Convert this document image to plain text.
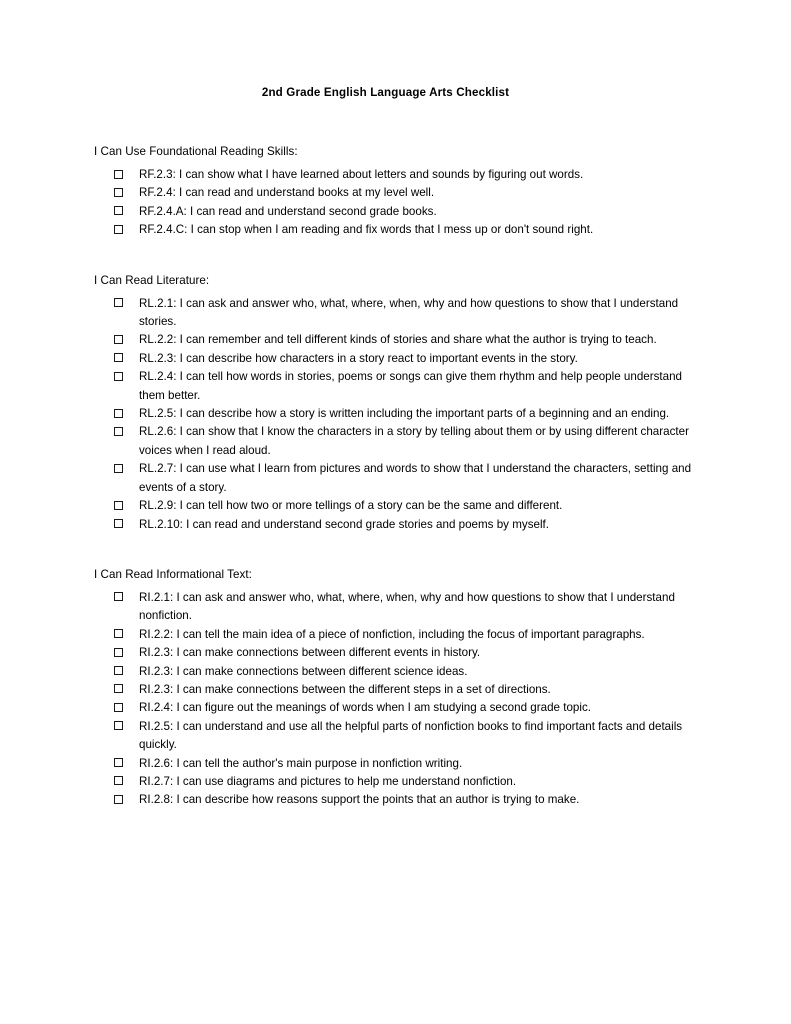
2nd Grade English Language Arts Checklist
I Can Use Foundational Reading Skills:
RF.2.3: I can show what I have learned about letters and sounds by figuring out words.
RF.2.4: I can read and understand books at my level well.
RF.2.4.A: I can read and understand second grade books.
RF.2.4.C: I can stop when I am reading and fix words that I mess up or don't sound right.
I Can Read Literature:
RL.2.1: I can ask and answer who, what, where, when, why and how questions to show that I understand stories.
RL.2.2: I can remember and tell different kinds of stories and share what the author is trying to teach.
RL.2.3: I can describe how characters in a story react to important events in the story.
RL.2.4: I can tell how words in stories, poems or songs can give them rhythm and help people understand them better.
RL.2.5: I can describe how a story is written including the important parts of a beginning and an ending.
RL.2.6: I can show that I know the characters in a story by telling about them or by using different character voices when I read aloud.
RL.2.7: I can use what I learn from pictures and words to show that I understand the characters, setting and events of a story.
RL.2.9: I can tell how two or more tellings of a story can be the same and different.
RL.2.10: I can read and understand second grade stories and poems by myself.
I Can Read Informational Text:
RI.2.1: I can ask and answer who, what, where, when, why and how questions to show that I understand nonfiction.
RI.2.2: I can tell the main idea of a piece of nonfiction, including the focus of important paragraphs.
RI.2.3: I can make connections between different events in history.
RI.2.3: I can make connections between different science ideas.
RI.2.3: I can make connections between the different steps in a set of directions.
RI.2.4: I can figure out the meanings of words when I am studying a second grade topic.
RI.2.5: I can understand and use all the helpful parts of nonfiction books to find important facts and details quickly.
RI.2.6: I can tell the author's main purpose in nonfiction writing.
RI.2.7: I can use diagrams and pictures to help me understand nonfiction.
RI.2.8: I can describe how reasons support the points that an author is trying to make.
